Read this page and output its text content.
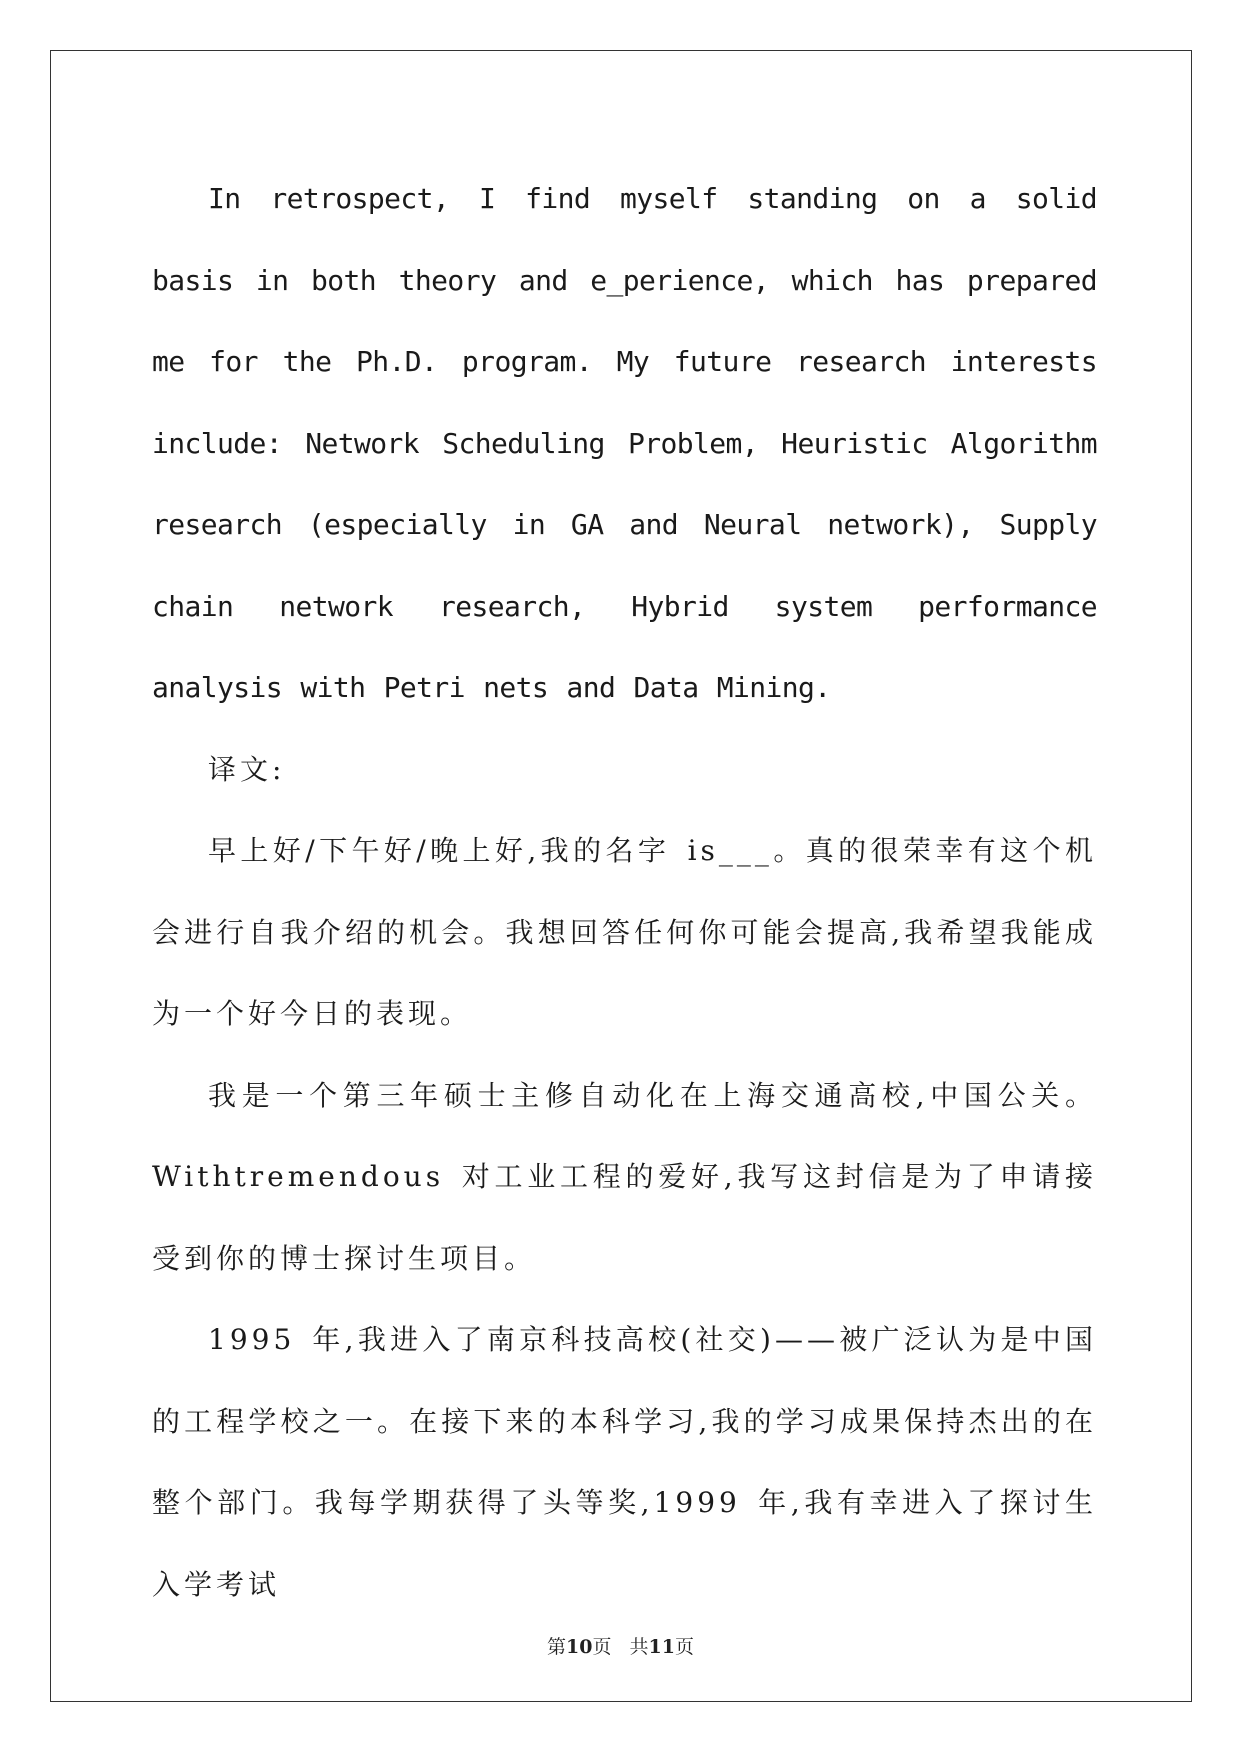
In retrospect, I find myself standing on a solid basis in both theory and e_perience, which has prepared me for the Ph.D. program. My future research interests include: Network Scheduling Problem, Heuristic Algorithm research (especially in GA and Neural network), Supply chain network research, Hybrid system performance analysis with Petri nets and Data Mining.

译文:

早上好/下午好/晚上好,我的名字 is___。真的很荣幸有这个机会进行自我介绍的机会。我想回答任何你可能会提高,我希望我能成为一个好今日的表现。

我是一个第三年硕士主修自动化在上海交通高校,中国公关。Withtremendous 对工业工程的爱好,我写这封信是为了申请接受到你的博士探讨生项目。

1995 年,我进入了南京科技高校(社交)——被广泛认为是中国的工程学校之一。在接下来的本科学习,我的学习成果保持杰出的在整个部门。我每学期获得了头等奖,1999 年,我有幸进入了探讨生入学考试

第10页 共11页
